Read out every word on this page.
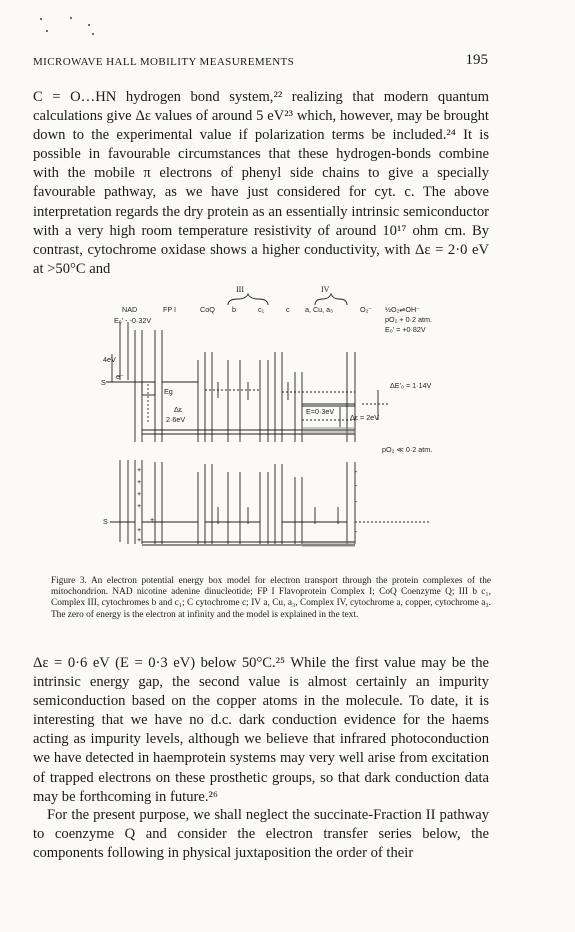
MICROWAVE HALL MOBILITY MEASUREMENTS	195

C = O…HN hydrogen bond system,²² realizing that modern quantum calculations give Δε values of around 5 eV²³ which, however, may be brought down to the experimental value if polarization terms be included.²⁴ It is possible in favourable circumstances that these hydrogen-bonds combine with the mobile π electrons of phenyl side chains to give a specially favourable pathway, as we have just considered for cyt. c. The above interpretation regards the dry protein as an essentially intrinsic semiconductor with a very high room temperature resistivity of around 10¹⁷ ohm cm. By contrast, cytochrome oxidase shows a higher conductivity, with Δε = 2·0 eV at >50°C and

+
+
+
+
+
+
+
-
-
-
-
III	IV
NAD	FP I	CoQ b	c₁	c a, Cu, a₃	O₂⁻ ½O₂⇌OH⁻
E₀' - -0·32V	pO₂ + 0·2 atm.
E₀' = +0·82V
4eV
S
e⁻
Eg
Δε
2·6eV
ΔE'₀ = 1·14V
E=0·3eV
Δε = 2eV
pO₂ ≪ 0·2 atm.
S

Figure 3. An electron potential energy box model for electron transport through the protein complexes of the mitochondrion. NAD nicotine adenine dinucleotide; FP I Flavoprotein Complex I; CoQ Coenzyme Q; III b c₁, Complex III, cytochromes b and c₁; C cytochrome c; IV a, Cu, a₃, Complex IV, cytochrome a, copper, cytochrome a₃. The zero of energy is the electron at infinity and the model is explained in the text.

Δε = 0·6 eV (E = 0·3 eV) below 50°C.²⁵ While the first value may be the intrinsic energy gap, the second value is almost certainly an impurity semiconduction based on the copper atoms in the molecule. To date, it is interesting that we have no d.c. dark conduction evidence for the haems acting as impurity levels, although we believe that infrared photoconduction we have detected in haemprotein systems may very well arise from excitation of trapped electrons on these prosthetic groups, so that dark conduction data may be forthcoming in future.²⁶

For the present purpose, we shall neglect the succinate-Fraction II pathway to coenzyme Q and consider the electron transfer series below, the components following in physical juxtaposition the order of their
